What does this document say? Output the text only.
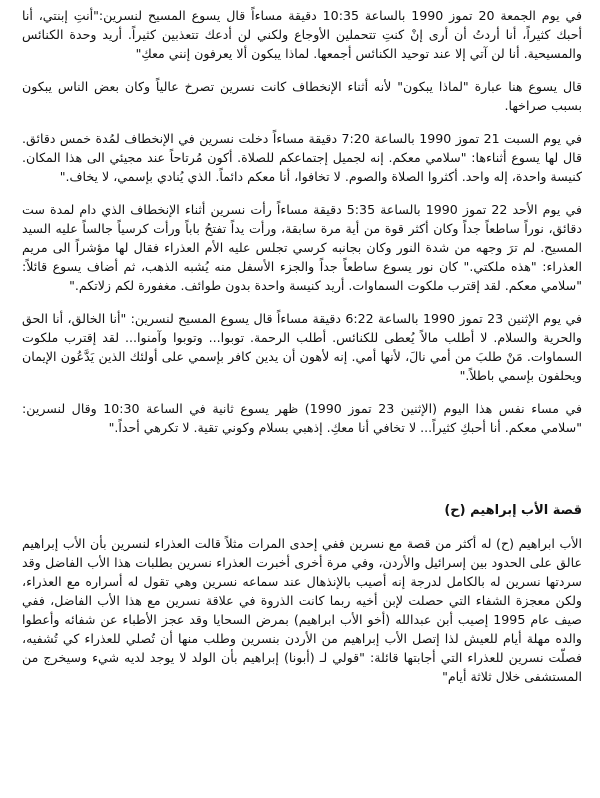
في يوم الجمعة 20 تموز 1990 بالساعة 10:35 دقيقة مساءاً قال يسوع المسيح لنسرين:"أنتِ إبنتي، أنا أحبك كثيراً، أنا أردتُ أن أرى إنْ كنتِ تتحملين الأوجاع ولكني لن أدعك تتعذبين كثيراً. أريد وحدة الكنائس والمسيحية. أنا لن آتي إلا عند توحيد الكنائس أجمعها. لماذا يبكون ألا يعرفون إنني معكِ"

قال يسوع هنا عبارة "لماذا يبكون" لأنه أثناء الإنخطاف كانت نسرين تصرخ عالياً وكان بعض الناس يبكون بسبب صراخها.

في يوم السبت 21 تموز 1990 بالساعة 7:20 دقيقة مساءاً دخلت نسرين في الإنخطاف لمُدة خمس دقائق. قال لها يسوع أثناءها: "سلامي معكم. إنه لجميل إجتماعكم للصلاة. أكون مُرتاحاً عند مجيئي الى هذا المكان. كنيسة واحدة، إله واحد. أكثروا الصلاة والصوم. لا تخافوا، أنا معكم دائماً. الذي يُنادي بإسمي، لا يخاف."

في يوم الأحد 22 تموز 1990 بالساعة 5:35 دقيقة مساءاً رأت نسرين أثناء الإنخطاف الذي دام لمدة ست دقائق، نوراً ساطعاً جداً وكان أكثر قوة من أية مرة سابقة، ورأت يداً تفتحُ باباً ورأت كرسياً جالساً عليه السيد المسيح. لم ترَ وجهه من شدة النور وكان بجانبه كرسي تجلس عليه الأم العذراء فقال لها مؤشراً الى مريم العذراء: "هذه ملكتي." كان نور يسوع ساطعاً جداً والجزء الأسفل منه يُشبه الذهب، ثم أضاف يسوع قائلاً: "سلامي معكم. لقد إقترب ملكوت السماوات. أريد كنيسة واحدة بدون طوائف. مغفورة لكم زلاتكم."

في يوم الإثنين 23 تموز 1990 بالساعة 6:22 دقيقة مساءاً قال يسوع المسيح لنسرين: "أنا الخالق، أنا الحق والحرية والسلام. لا أطلب مالاً يُعطى للكنائس. أطلب الرحمة. توبوا... وتوبوا وآمنوا... لقد إقترب ملكوت السماوات. مَنْ طلبَ من أمي نالَ، لأنها أمي. إنه لأهون أن يدين كافر بإسمي على أولئك الذين يَدَّعُون الإيمان ويحلفون بإسمي باطلاً."

في مساء نفس هذا اليوم (الإثنين 23 تموز 1990) ظهر يسوع ثانية في الساعة 10:30 وقال لنسرين: "سلامي معكم. أنا أحبكِ كثيراً... لا تخافي أنا معكِ. إذهبي بسلام وكوني تقية. لا تكرهي أحداً."

قصة الأب إبراهيم (ح)

الأب ابراهيم (ح) له أكثر من قصة مع نسرين ففي إحدى المرات مثلاً قالت العذراء لنسرين بأن الأب إبراهيم عالق على الحدود بين إسرائيل والأردن، وفي مرة أخرى أخبرت العذراء نسرين بطلبات هذا الأب الفاضل وقد سردتها نسرين له بالكامل لدرجة إنه أصيب بالإنذهال عند سماعه نسرين وهي تقول له أسراره مع العذراء، ولكن معجزة الشفاء التي حصلت لإبن أخيه ربما كانت الذروة في علاقة نسرين مع هذا الأب الفاضل، ففي صيف عام 1995 إصيب أبن عبدالله (أخو الأب ابراهيم) بمرض السحايا وقد عجز الأطباء عن شفائه وأعطوا والده مهلة أيام للعيش لذا إتصل الأب إبراهيم من الأردن بنسرين وطلب منها أن تُصلي للعذراء كي تُشفيه، فصلّت نسرين للعذراء التي أجابتها قائلة: "قولي لـ (أبونا) إبراهيم بأن الولد لا يوجد لديه شيء وسيخرج من المستشفى خلال ثلاثة أيام"
